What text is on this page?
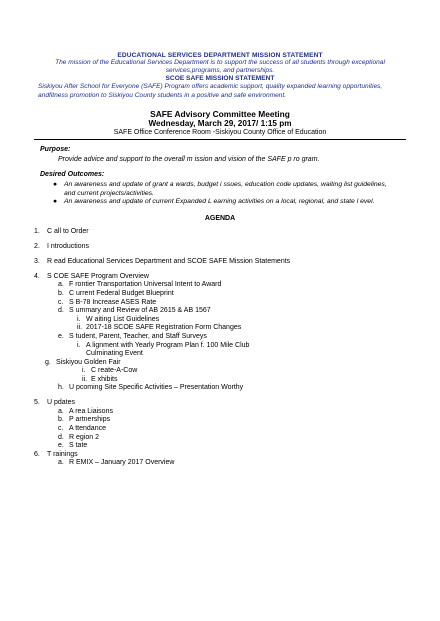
EDUCATIONAL SERVICES DEPARTMENT MISSION STATEMENT
The mission of the Educational Services Department is to support the success of all students through exceptional services,programs, and partnerships.
SCOE SAFE MISSION STATEMENT
Siskiyou After School for Everyone (SAFE) Program offers academic support, quality expanded learning opportunities, andfitness promotion to Siskiyou County students in a positive and safe environment.
SAFE Advisory Committee Meeting
Wednesday, March 29, 2017/ 1:15 pm
SAFE Office Conference Room -Siskiyou County Office of Education
Purpose:
Provide advice and support to the overall m ission and vision of the SAFE p ro gram.
Desired Outcomes:
● An awareness and update of grant a wards, budget i ssues, education code updates, waiting list guidelines, and current projects/activities.
● An awareness and update of current Expanded L earning activities on a local, regional, and state l evel.
AGENDA
1. C all to Order
2. I ntroductions
3. R ead Educational Services Department and SCOE SAFE Mission Statements
4. S COE SAFE Program Overview
a. F rontier Transportation Universal Intent to Award
b. C urrent Federal Budget Blueprint
c. S B-78 Increase ASES Rate
d. S ummary and Review of AB 2615 & AB 1567
i. W aiting List Guidelines
ii. 2017-18 SCOE SAFE Registration Form Changes
e. S tudent, Parent, Teacher, and Staff Surveys
i. A lignment with Yearly Program Plan f. 100 Mile Club
Culminating Event
g. Siskiyou Golden Fair
i. C reate-A-Cow
ii. E xhibits
h. U pcoming Site Specific Activities – Presentation Worthy
5. U pdates
a. A rea Liaisons
b. P artnerships
c. A ttendance
d. R egion 2
e. S tate
6. T rainings
a. R EMIX – January 2017 Overview
